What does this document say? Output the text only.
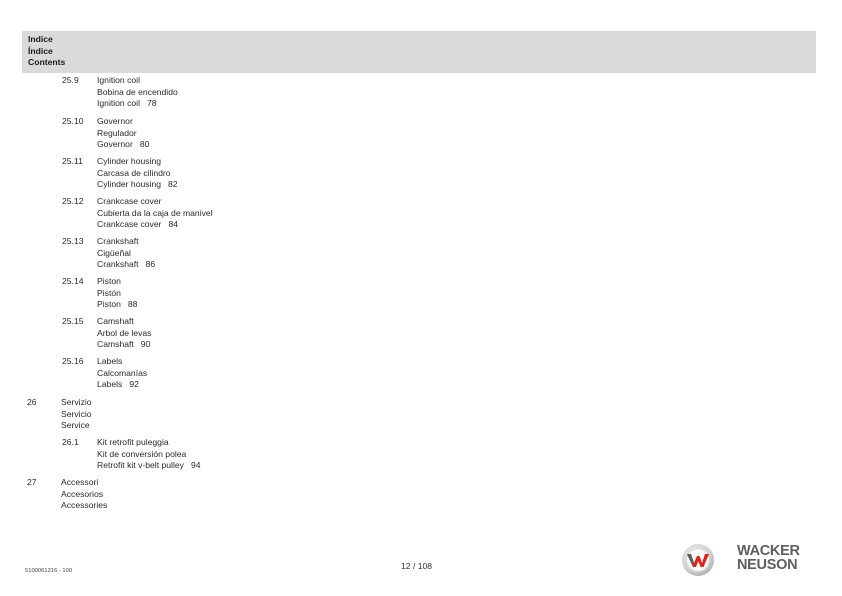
Indice
Índice
Contents
25.9 Ignition coil
Bobina de encendido
Ignition coil 78
25.10 Governor
Regulador
Governor 80
25.11 Cylinder housing
Carcasa de cilindro
Cylinder housing 82
25.12 Crankcase cover
Cubierta da la caja de manivel
Crankcase cover 84
25.13 Crankshaft
Cigüeñal
Crankshaft 86
25.14 Piston
Pistón
Piston 88
25.15 Camshaft
Arbol de levas
Camshaft 90
25.16 Labels
Calcomanías
Labels 92
26	Servizio
Servicio
Service
26.1 Kit retrofit puleggia
Kit de conversión polea
Retrofit kit v-belt pulley 94
27	Accessori
Accesorios
Accessories
5100061216 - 100	12 / 108
WACKER
NEUSON
